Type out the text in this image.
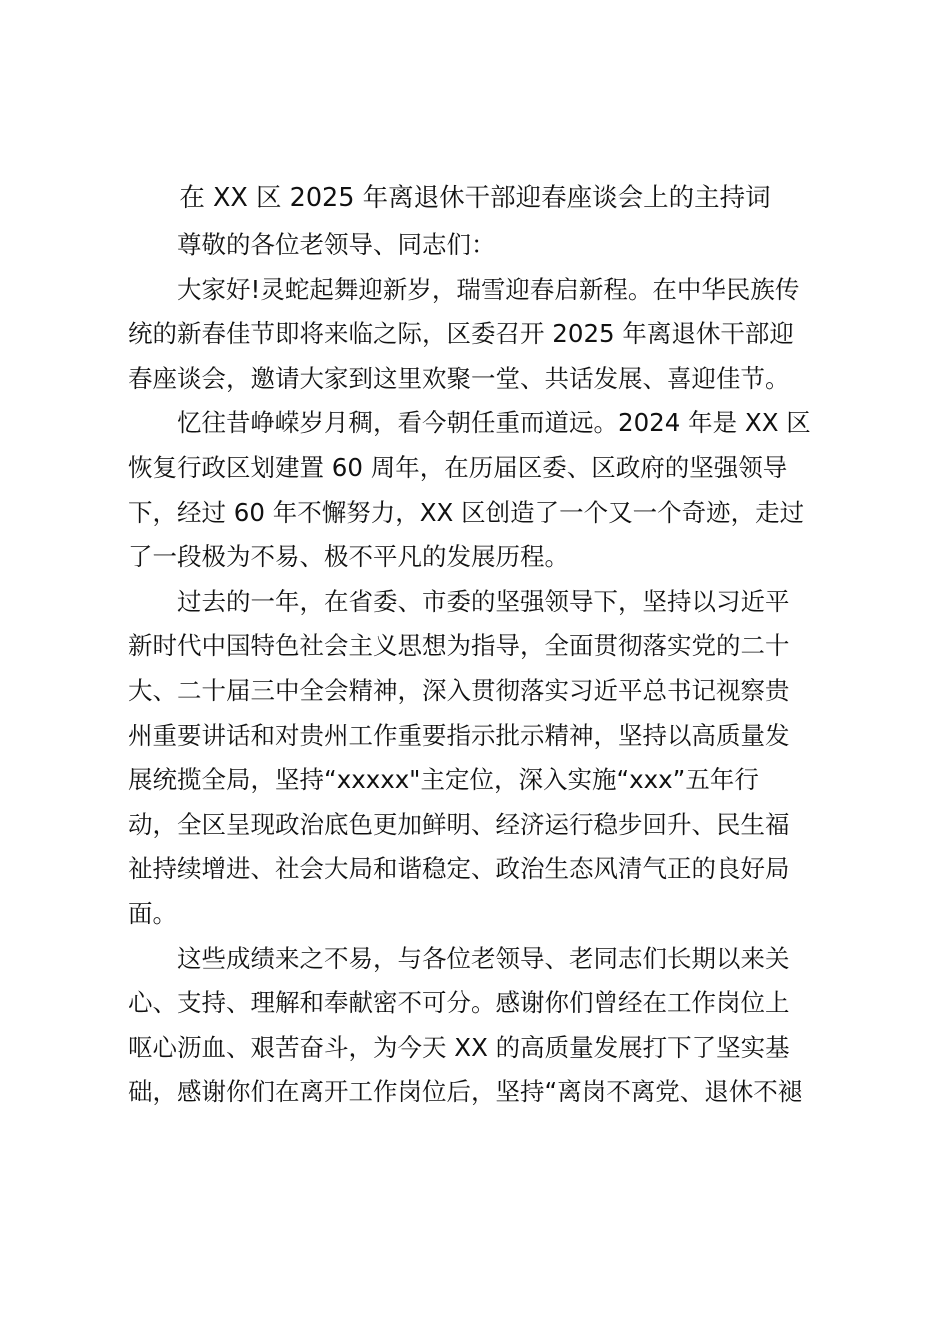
在 XX 区 2025 年离退休干部迎春座谈会上的主持词
尊敬的各位老领导、同志们：
大家好!灵蛇起舞迎新岁，瑞雪迎春启新程。在中华民族传
统的新春佳节即将来临之际，区委召开 2025 年离退休干部迎
春座谈会，邀请大家到这里欢聚一堂、共话发展、喜迎佳节。
忆往昔峥嵘岁月稠，看今朝任重而道远。2024 年是 XX 区
恢复行政区划建置 60 周年，在历届区委、区政府的坚强领导
下，经过 60 年不懈努力，XX 区创造了一个又一个奇迹，走过
了一段极为不易、极不平凡的发展历程。
过去的一年，在省委、市委的坚强领导下，坚持以习近平
新时代中国特色社会主义思想为指导，全面贯彻落实党的二十
大、二十届三中全会精神，深入贯彻落实习近平总书记视察贵
州重要讲话和对贵州工作重要指示批示精神，坚持以高质量发
展统揽全局，坚持“xxxxx"主定位，深入实施“xxx”五年行
动，全区呈现政治底色更加鲜明、经济运行稳步回升、民生福
祉持续增进、社会大局和谐稳定、政治生态风清气正的良好局
面。
这些成绩来之不易，与各位老领导、老同志们长期以来关
心、支持、理解和奉献密不可分。感谢你们曾经在工作岗位上
呕心沥血、艰苦奋斗，为今天 XX 的高质量发展打下了坚实基
础，感谢你们在离开工作岗位后，坚持“离岗不离党、退休不褪
